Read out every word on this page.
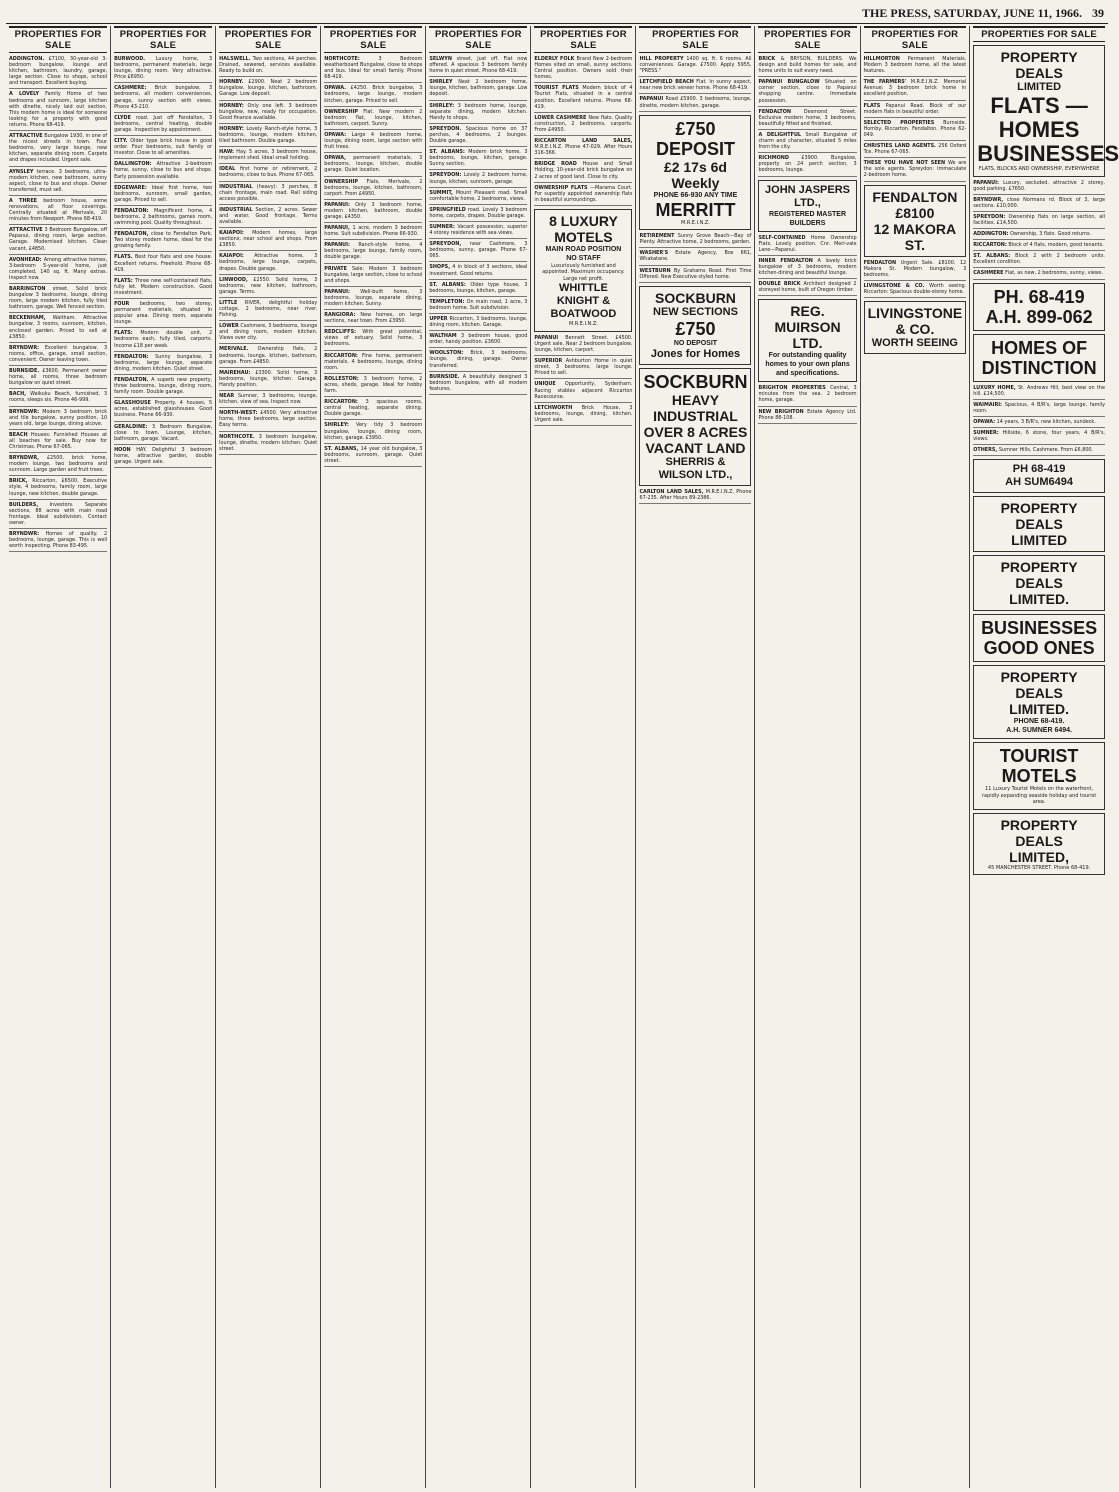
THE PRESS, SATURDAY, JUNE 11, 1966. 39
PROPERTIES FOR SALE
ADDINGTON. £7100, 30-year-old 3-bedroom bungalow, lounge and kitchen, bathroom, laundry, garage, large section. Close to shops, school and transport. Excellent buying.
A LOVELY Family Home of two bedrooms and sunroom, large kitchen with dinette, nicely laid out section. This modern home is ideal for someone looking for a property with good returns. Phone 68-419.
ATTRACTIVE Bungalow 1930, in one of the nicest streets in town. Four bedrooms, very large lounge, new kitchen, separate dining room. Carpets and drapes included. Urgent sale.
AYNSLEY terrace. 3 bedrooms, ultra-modern kitchen, new bathroom, sunny aspect, close to bus and shops. Owner transferred, must sell.
A THREE bedroom house, some renovations, all floor coverings. Centrally situated at Merivale, 20 minutes from Newport. Phone 68-419.
ATTRACTIVE 3 Bedroom Bungalow, off Papanui, dining room, large section. Garage. Modernised kitchen. Clean vacant, £4850.
AVONHEAD: Among attractive homes, 3-bedroom 5-year-old home, just completed, 140 sq. ft. Many extras. Inspect now.
BARRINGTON street. Solid brick bungalow 3 bedrooms, lounge, dining room, large modern kitchen, fully tiled bathroom, garage. Well fenced section.
BECKENHAM, Waltham. Attractive bungalow, 3 rooms, sunroom, kitchen, enclosed garden. Priced to sell at £3850.
BRYNDWR: Excellent bungalow, 3 rooms, office, garage, small section, convenient. Owner leaving town.
BURNSIDE. £3600. Permanent owner home, all rooms, three bedroom bungalow on quiet street.
BACH, Waikuku Beach, furnished, 3 rooms, sleeps six. Phone 46-999.
BRYNDWR: Modern 3 bedroom brick and tile bungalow, sunny position, 10 years old, large lounge, dining alcove.
BEACH Houses: Furnished Houses at all beaches for sale. Buy now for Christmas. Phone 67-065.
BRYNDWR, £2500, brick home, modern lounge, two bedrooms and sunroom. Large garden and fruit trees.
BRICK, Riccarton, £6500. Executive style, 4 bedrooms, family room, large lounge, new kitchen, double garage.
BUILDERS, Investors. Separate sections, 88 acres with main road frontage. Ideal subdivision. Contact owner.
BRYNDWR: Homes of quality. 2 bedrooms, lounge, garage. This is well worth inspecting. Phone 83-495.
PROPERTIES FOR SALE
BURWOOD. Luxury home, 3 bedrooms, permanent materials, large lounge, dining room. Very attractive. Price £6950.
CASHMERE: Brick bungalow, 3 bedrooms, all modern conveniences, garage, sunny section with views. Phone 43-210.
CLYDE road. Just off Fendalton, 3 bedrooms, central heating, double garage. Inspection by appointment.
CITY. Older type brick house in good order. Four bedrooms, suit family or investor. Close to all amenities.
DALLINGTON: Attractive 2-bedroom home, sunny, close to bus and shops. Early possession available.
EDGEWARE: Ideal first home, two bedrooms, sunroom, small garden, garage. Priced to sell.
FENDALTON: Magnificent home, 4 bedrooms, 2 bathrooms, games room, swimming pool. Quality throughout.
FENDALTON, close to Fendalton Park. Two storey modern home, ideal for the growing family.
FLATS. Best four flats and one house. Excellent returns. Freehold. Phone 68-419.
FLATS: Three new self-contained flats, fully let. Modern construction. Good investment.
FOUR bedrooms, two storey, permanent materials, situated in popular area. Dining room, separate lounge.
FLATS: Modern double unit, 2 bedrooms each, fully tiled, carports. Income £18 per week.
FENDALTON: Sunny bungalow, 3 bedrooms, large lounge, separate dining, modern kitchen. Quiet street.
FENDALTON. A superb new property, three bedrooms, lounge, dining room, family room. Double garage.
GLASSHOUSE Property. 4 houses, 5 acres, established glasshouses. Good business. Phone 66-930.
GERALDINE: 3 Bedroom Bungalow, close to town. Lounge, kitchen, bathroom, garage. Vacant.
HOON HAY. Delightful 3 bedroom home, attractive garden, double garage. Urgent sale.
PROPERTIES FOR SALE
HALSWELL. Two sections, 44 perches. Drained, sewered, services available. Ready to build on.
HORNBY. £2900. Neat 2 bedroom bungalow, lounge, kitchen, bathroom. Garage. Low deposit.
HORNBY: Only one left. 3 bedroom bungalow, new, ready for occupation. Good finance available.
HORNBY: Lovely Ranch-style home, 3 bedrooms, lounge, modern kitchen, tiled bathroom. Double garage.
HAW: Hay. 5 acres, 3 bedroom house, implement shed. Ideal small holding.
IDEAL first home or retirement, 2 bedrooms, close to bus. Phone 67-065.
INDUSTRIAL (heavy): 3 perches, 8 chain frontage, main road. Rail siding access possible.
INDUSTRIAL Section, 2 acres. Sewer and water. Good frontage. Terms available.
KAIAPOI: Modern homes, large sections, near school and shops. From £3850.
KAIAPOI: Attractive home, 3 bedrooms, large lounge, carpets, drapes. Double garage.
LINWOOD, £2550. Solid home, 3 bedrooms, new kitchen, bathroom, garage. Terms.
LITTLE RIVER, delightful holiday cottage, 2 bedrooms, near river. Fishing.
LOWER Cashmere, 3 bedrooms, lounge and dining room, modern kitchen. Views over city.
MERIVALE. Ownership flats, 2 bedrooms, lounge, kitchen, bathroom, garage. From £4850.
MAIREHAU: £3300. Solid home, 3 bedrooms, lounge, kitchen. Garage. Handy position.
NEAR Sumner, 3 bedrooms, lounge, kitchen, view of sea. Inspect now.
NORTH-WEST: £4500. Very attractive home, three bedrooms, large section. Easy terms.
NORTHCOTE. 3 bedroom bungalow, lounge, dinette, modern kitchen. Quiet street.
PROPERTIES FOR SALE
NORTHCOTE:	3 Bedroom weatherboard Bungalow, close to shops and bus. Ideal for small family. Phone 68-419.
OPAWA. £4250. Brick bungalow, 3 bedrooms, large lounge, modern kitchen, garage. Priced to sell.
OWNERSHIP Flat. New modern 2 bedroom flat, lounge, kitchen, bathroom, carport. Sunny.
OPAWA: Large 4 bedroom home, lounge, dining room, large section with fruit trees.
OPAWA, permanent materials, 3 bedrooms, lounge, kitchen, double garage. Quiet location.
OWNERSHIP Flats, Merivale, 2 bedrooms, lounge, kitchen, bathroom, carport. From £4950.
PAPANUI: Only 3 bedroom home, modern kitchen, bathroom, double garage. £4350.
PAPANUI, 1 acre, modern 3 bedroom home. Suit subdivision. Phone 66-930.
PAPANUI: Ranch-style home, 4 bedrooms, large lounge, family room, double garage.
PRIVATE Sale: Modern 3 bedroom bungalow, large section, close to school and shops.
PAPANUI: Well-built home, 3 bedrooms, lounge, separate dining, modern kitchen. Sunny.
RANGIORA: New homes, on large sections, near town. From £3950.
REDCLIFFS: With great potential, views of estuary. Solid home, 3 bedrooms.
RICCARTON: Fine home, permanent materials. 4 bedrooms, lounge, dining room.
ROLLESTON: 3 bedroom home, 2 acres, sheds, garage. Ideal for hobby farm.
RICCARTON: 3 spacious rooms, central heating, separate dining. Double garage.
SHIRLEY: Very tidy 3 bedroom bungalow, lounge, dining room, kitchen, garage. £3950.
ST. ALBANS, 14 year old bungalow, 3 bedrooms, sunroom, garage. Quiet street.
PROPERTIES FOR SALE
SELWYN street, just off. Flat now offered. A spacious 3 bedroom family home in quiet street. Phone 68-419.
SHIRLEY Neat 2 bedroom home, lounge, kitchen, bathroom, garage. Low deposit.
SHIRLEY: 3 bedroom home, lounge, separate dining, modern kitchen. Handy to shops.
SPREYDON. Spacious home on 37 perches, 4 bedrooms, 2 lounges. Double garage.
ST. ALBANS: Modern brick home, 3 bedrooms, lounge, kitchen, garage. Sunny section.
SPREYDON: Lovely 2 bedroom home, lounge, kitchen, sunroom, garage.
SUMMIT, Mount Pleasant road. Small comfortable home, 2 bedrooms, views.
SPRINGFIELD road. Lovely 3 bedroom home, carpets, drapes. Double garage.
SUMNER: Vacant possession, superior 4 storey residence with sea views.
SPREYDON, near Cashmere, 3 bedrooms, sunny, garage. Phone 67-065.
SHOPS, 4 in block of 3 sections, ideal investment. Good returns.
ST. ALBANS: Older type house, 3 bedrooms, lounge, kitchen, garage.
TEMPLETON: On main road, 1 acre, 3 bedroom home. Suit subdivision.
UPPER Riccarton, 3 bedrooms, lounge, dining room, kitchen. Garage.
WALTHAM 3 bedroom house, good order, handy position. £3600.
WOOLSTON: Brick, 3 bedrooms, lounge, dining, garage. Owner transferred.
BURNSIDE. A beautifully designed 3 bedroom bungalow, with all modern features.
PROPERTIES FOR SALE
ELDERLY FOLK Brand New 2-bedroom Homes sited on small, sunny sections. Central position. Owners sold their homes.
TOURIST FLATS Modern block of 4 Tourist Flats, situated in a central position. Excellent returns. Phone 68-419.
LOWER CASHMERE New flats. Quality construction, 2 bedrooms, carports. From £4950.
RICCARTON LAND SALES, M.R.E.I.N.Z. Phone 47-029. After Hours 316-366.
BRIDGE ROAD House and Small Holding, 10-year-old brick bungalow on 2 acres of good land. Close to city.
OWNERSHIP FLATS —Marama Court. For superbly appointed ownership flats in beautiful surroundings.
8 LUXURY MOTELS
MAIN ROAD POSITION
NO STAFF
Luxuriously furnished and appointed. Maximum occupancy. Large net profit.
WHITTLE KNIGHT & BOATWOOD
M.R.E.I.N.Z.
PAPANUI Bennett Street. £4500. Urgent sale. Near 2 bedroom bungalow, lounge, kitchen, carport.
SUPERIOR Ashburton Home in quiet street, 3 bedrooms, large lounge. Priced to sell.
UNIQUE Opportunity, Sydenham. Racing stables adjacent Riccarton Racecourse.
LETCHWORTH Brick House, 3 bedrooms, lounge, dining, kitchen. Urgent sale.
PROPERTIES FOR SALE
HILL PROPERTY 1400 sq. ft. 6 rooms. All conveniences. Garage. £7500. Apply 5955, "PRESS."
LETCHFIELD BEACH Flat. In sunny aspect, near new brick veneer home. Phone 68-419.
PAPANUI Road £5900. 3 bedrooms, lounge, dinette, modern kitchen, garage.
£750 DEPOSIT
£2 17s 6d Weekly
PHONE 66-930 ANY TIME
MERRITT
M.R.E.I.N.Z.
RETIREMENT Sunny Grove Beach—Bay of Plenty. Attractive home, 2 bedrooms, garden.
WASHER'S Estate Agency, Box 661, Whakatane.
WESTBURN By Grahams Road. First Time Offered. New Executive styled home.
SOCKBURN
NEW SECTIONS
£750
NO DEPOSIT
Jones for Homes
SOCKBURN
HEAVY INDUSTRIAL
OVER 8 ACRES VACANT LAND
SHERRIS & WILSON LTD.,
CARLTON LAND SALES, M.R.E.I.N.Z. Phone 67-235. After Hours 89-2386.
PROPERTIES FOR SALE
BRICK & BRYSON, BUILDERS. We design and build homes for sale, and home units to suit every need.
PAPANUI BUNGALOW Situated on corner section, close to Papanui shopping centre. Immediate possession.
FENDALTON	Desmond Street. Exclusive modern home, 3 bedrooms, beautifully fitted and finished.
A DELIGHTFUL Small Bungalow of charm and character, situated 5 miles from the city.
RICHMOND	£3900. Bungalow, property on 24 perch section, 3 bedrooms, lounge.
JOHN JASPERS LTD.,
REGISTERED MASTER BUILDERS
SELF-CONTAINED Home Ownership Flats. Lovely position. Cnr. Meri-vale Lane—Papanui.
INNER FENDALTON A lovely brick bungalow of 3 bedrooms, modern kitchen-dining and beautiful lounge.
DOUBLE BRICK Architect designed 2 storeyed home, built of Oregon timber.
REG. MUIRSON LTD.
For outstanding quality homes to your own plans and specifications.
BRIGHTON PROPERTIES Central, 3 minutes from the sea. 2 bedroom home, garage.
NEW BRIGHTON Estate Agency Ltd. Phone 88-108.
PROPERTIES FOR SALE
HILLMORTON Permanent Materials. Modern 3 bedroom home, all the latest features.
THE FARMERS' M.R.E.I.N.Z. Memorial Avenue: 3 bedroom brick home in excellent position.
FLATS Papanui Road. Block of our modern flats in beautiful order.
SELECTED PROPERTIES Burnside. Hornby. Riccarton. Fendalton. Phone 62-049.
CHRISTIES LAND AGENTS. 256 Oxford Tce. Phone 67-065.
THESE YOU HAVE NOT SEEN We are the sole agents. Spreydon: Immaculate 2-bedroom home.
FENDALTON
£8100
12 MAKORA ST.
FENDALTON Urgent Sale. £8100. 12 Makora St. Modern bungalow, 3 bedrooms.
LIVINGSTONE & CO. Worth seeing. Riccarton: Spacious double-storey home.
LIVINGSTONE & CO.
WORTH SEEING
PROPERTIES FOR SALE
PROPERTY DEALS
LIMITED
FLATS — HOMES
BUSINESSES
FLATS, BLOCKS AND OWNERSHIP, EVERYWHERE
PAPANUI: Luxury, secluded, attractive 2 storey, good parking. £7650.
BRYNDWR, close Normans rd. Block of 3, large sections. £10,000.
SPREYDON: Ownership flats on large section, all facilities. £14,500.
ADDINGTON: Ownership, 3 flats. Good returns.
RICCARTON: Block of 4 flats, modern, good tenants.
ST. ALBANS: Block 2 with 2 bedroom units. Excellent condition.
CASHMERE Flat, as new, 2 bedrooms, sunny, views.
PH. 68-419
A.H. 899-062
HOMES OF
DISTINCTION
LUXURY HOME, St. Andrews Hill, best view on the hill. £14,500.
WAIMAIRI: Spacious, 4 B/R's, large lounge, family room.
OPAWA: 14 years, 3 B/R's, new kitchen, sundeck.
SUMNER: Hillside, 6 stone, four years, 4 B/R's, views.
OTHERS, Sumner Hills, Cashmere. From £6,800.
PH 68-419
AH SUM6494
PROPERTY DEALS
LIMITED
PROPERTY DEALS
LIMITED.
BUSINESSES
GOOD ONES
PROPERTY DEALS
LIMITED.
PHONE 68-419.
A.H. SUMNER 6494.
TOURIST
MOTELS
11 Luxury Tourist Motels on the waterfront, rapidly expanding seaside holiday and tourist area.
PROPERTY DEALS
LIMITED,
45 MANCHESTER STREET. Phone 68-419.
